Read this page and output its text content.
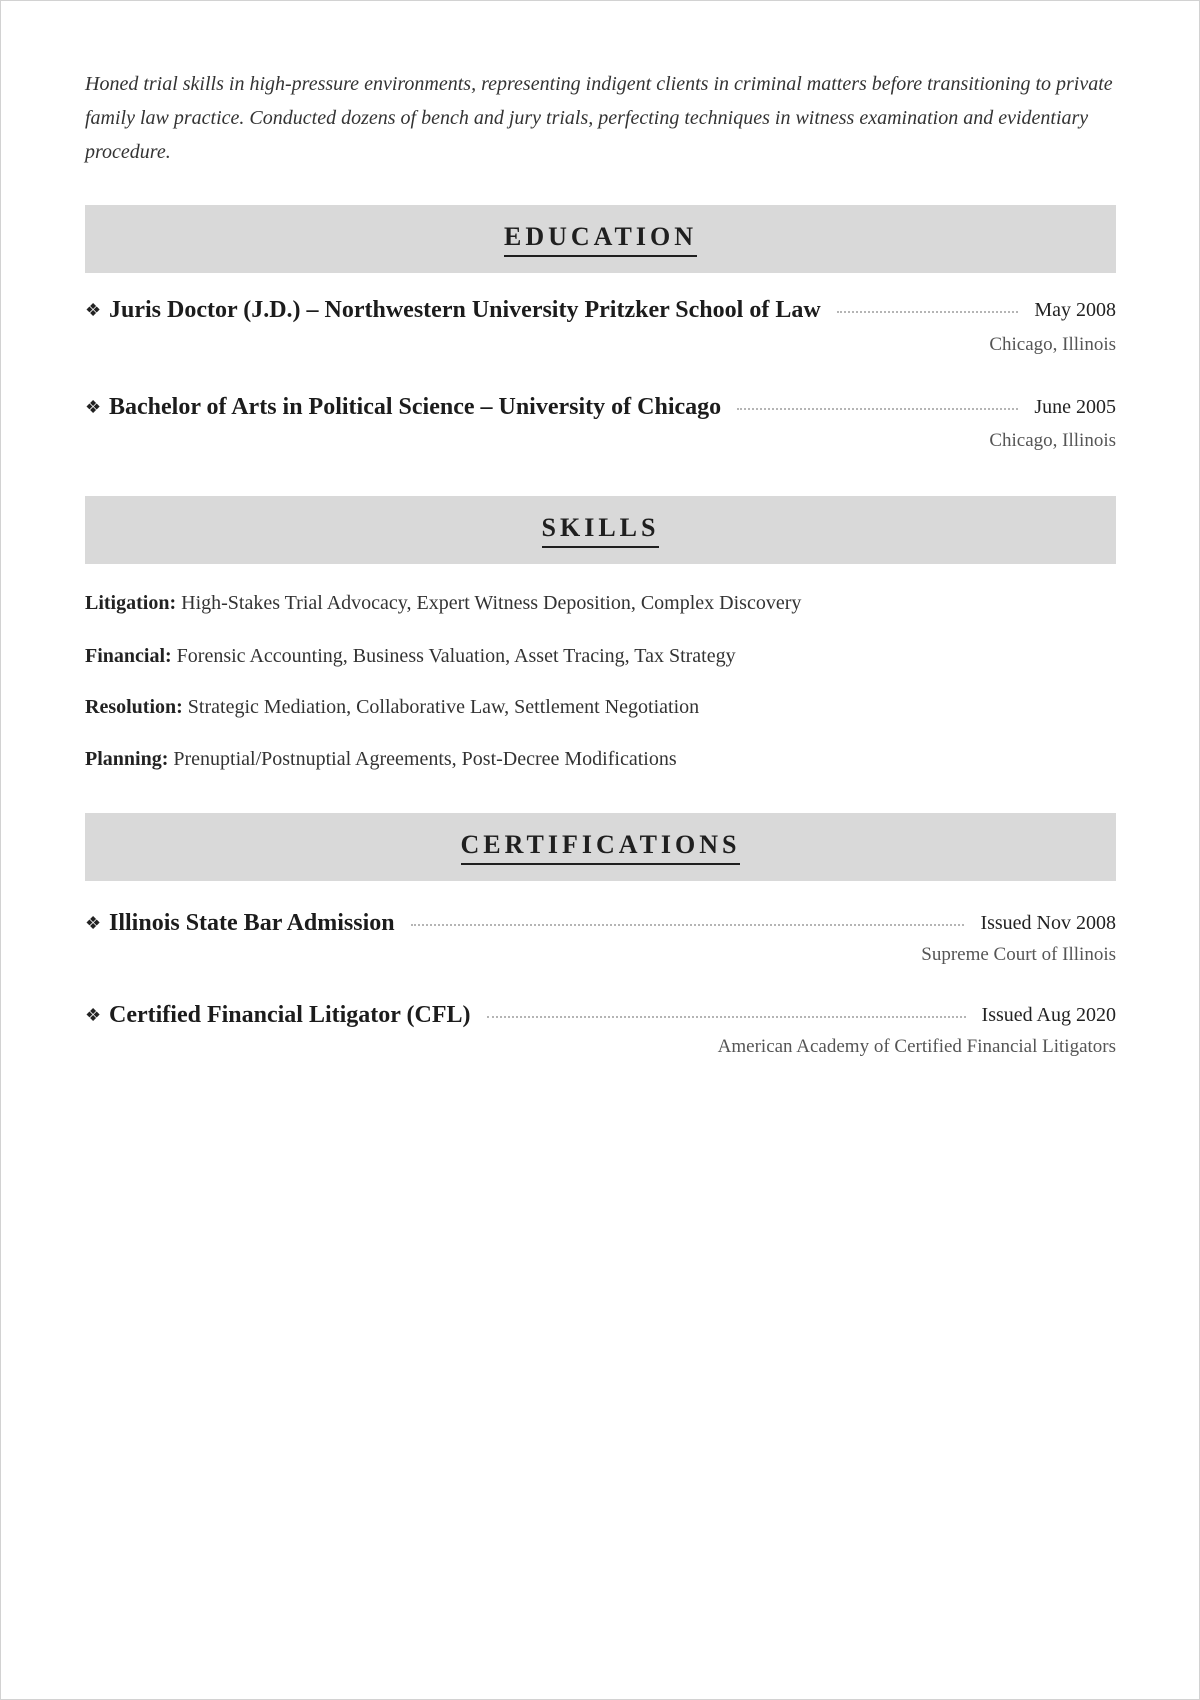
Honed trial skills in high-pressure environments, representing indigent clients in criminal matters before transitioning to private family law practice. Conducted dozens of bench and jury trials, perfecting techniques in witness examination and evidentiary procedure.

EDUCATION
❖ Juris Doctor (J.D.) – Northwestern University Pritzker School of Law	May 2008
Chicago, Illinois
❖ Bachelor of Arts in Political Science – University of Chicago	June 2005
Chicago, Illinois
SKILLS

Litigation: High-Stakes Trial Advocacy, Expert Witness Deposition, Complex Discovery

Financial: Forensic Accounting, Business Valuation, Asset Tracing, Tax Strategy

Resolution: Strategic Mediation, Collaborative Law, Settlement Negotiation

Planning: Prenuptial/Postnuptial Agreements, Post-Decree Modifications

CERTIFICATIONS
❖ Illinois State Bar Admission	Issued Nov 2008
Supreme Court of Illinois
❖ Certified Financial Litigator (CFL)	Issued Aug 2020
American Academy of Certified Financial Litigators
